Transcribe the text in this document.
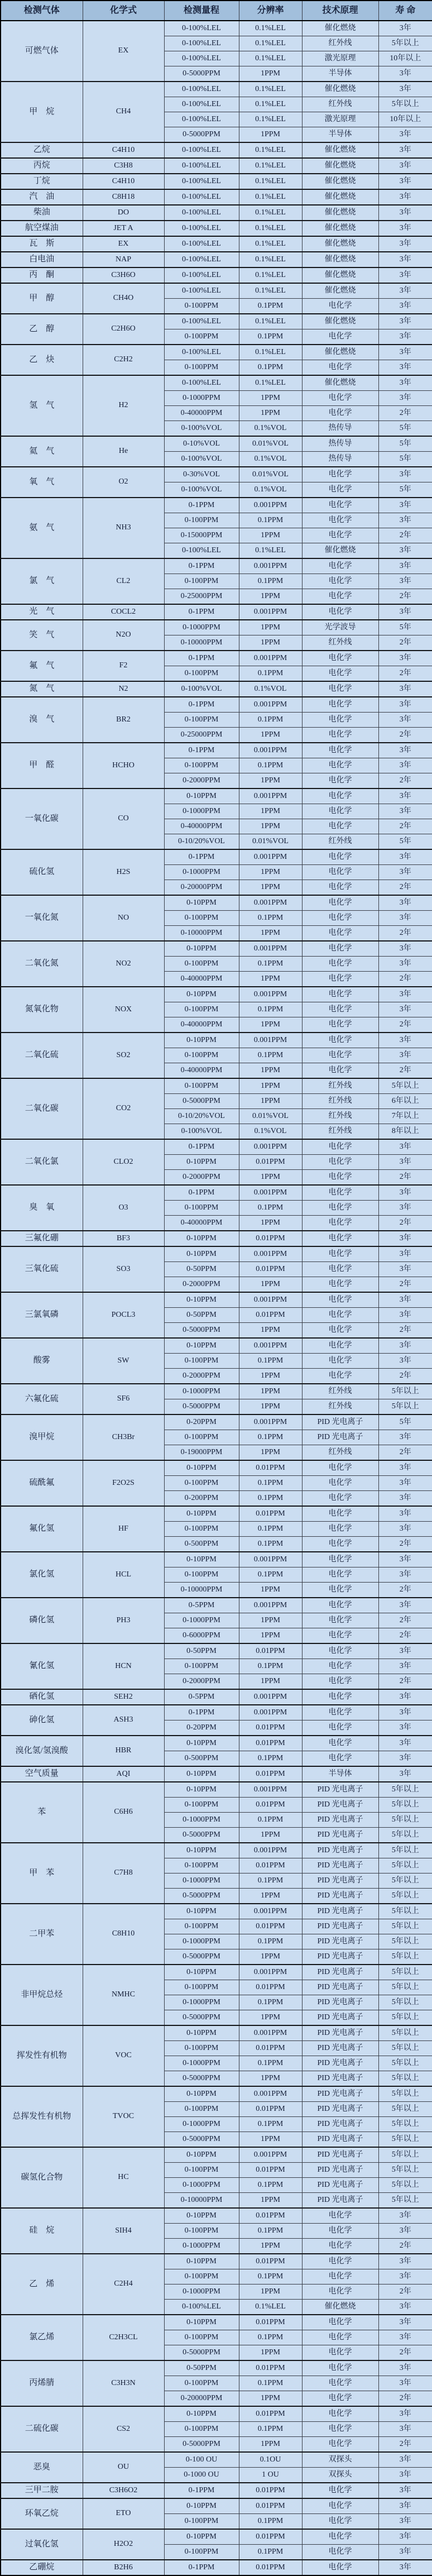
检测气体	化学式	检测量程	分辨率	技术原理	寿 命
可燃气体	EX	0-100%LEL	0.1%LEL	催化燃烧	3年
		0-100%LEL	0.1%LEL	红外线	5年以上
		0-100%LEL	0.1%LEL	激光原理	10年以上
		0-5000PPM	1PPM	半导体	3年
甲　烷	CH4	0-100%LEL	0.1%LEL	催化燃烧	3年
		0-100%LEL	0.1%LEL	红外线	5年以上
		0-100%LEL	0.1%LEL	激光原理	10年以上
		0-5000PPM	1PPM	半导体	3年
乙烷	C4H10	0-100%LEL	0.1%LEL	催化燃烧	3年
丙烷	C3H8	0-100%LEL	0.1%LEL	催化燃烧	3年
丁烷	C4H10	0-100%LEL	0.1%LEL	催化燃烧	3年
汽　油	C8H18	0-100%LEL	0.1%LEL	催化燃烧	3年
柴油	DO	0-100%LEL	0.1%LEL	催化燃烧	3年
航空煤油	JET A	0-100%LEL	0.1%LEL	催化燃烧	3年
瓦　斯	EX	0-100%LEL	0.1%LEL	催化燃烧	3年
白电油	NAP	0-100%LEL	0.1%LEL	催化燃烧	3年
丙　酮	C3H6O	0-100%LEL	0.1%LEL	催化燃烧	3年
甲　醇	CH4O	0-100%LEL	0.1%LEL	催化燃烧	3年
		0-100PPM	0.1PPM	电化学	3年
乙　醇	C2H6O	0-100%LEL	0.1%LEL	催化燃烧	3年
		0-100PPM	0.1PPM	电化学	3年
乙　炔	C2H2	0-100%LEL	0.1%LEL	催化燃烧	3年
		0-100PPM	0.1PPM	电化学	3年
氢　气	H2	0-100%LEL	0.1%LEL	催化燃烧	3年
		0-1000PPM	1PPM	电化学	3年
		0-40000PPM	1PPM	电化学	2年
		0-100%VOL	0.1%VOL	热传导	5年
氦　气	He	0-10%VOL	0.01%VOL	热传导	5年
		0-100%VOL	0.1%VOL	热传导	5年
氧　气	O2	0-30%VOL	0.01%VOL	电化学	3年
		0-100%VOL	0.1%VOL	电化学	5年
氨　气	NH3	0-1PPM	0.001PPM	电化学	3年
		0-100PPM	0.1PPM	电化学	3年
		0-15000PPM	1PPM	电化学	2年
		0-100%LEL	0.1%LEL	催化燃烧	3年
氯　气	CL2	0-1PPM	0.001PPM	电化学	3年
		0-100PPM	0.1PPM	电化学	3年
		0-25000PPM	1PPM	电化学	2年
光　气	COCL2	0-1PPM	0.001PPM	电化学	3年
笑　气	N2O	0-1000PPM	1PPM	光学波导	5年
		0-10000PPM	1PPM	红外线	2年
氟　气	F2	0-1PPM	0.001PPM	电化学	3年
		0-100PPM	0.1PPM	电化学	2年
氮　气	N2	0-100%VOL	0.1%VOL	电化学	3年
溴　气	BR2	0-1PPM	0.001PPM	电化学	3年
		0-100PPM	0.1PPM	电化学	3年
		0-25000PPM	1PPM	电化学	2年
甲　醛	HCHO	0-1PPM	0.001PPM	电化学	3年
		0-100PPM	0.1PPM	电化学	3年
		0-2000PPM	1PPM	电化学	2年
一氧化碳	CO	0-10PPM	0.001PPM	电化学	3年
		0-1000PPM	1PPM	电化学	3年
		0-40000PPM	1PPM	电化学	2年
		0-10/20%VOL	0.01%VOL	红外线	5年
硫化氢	H2S	0-1PPM	0.001PPM	电化学	3年
		0-1000PPM	1PPM	电化学	3年
		0-20000PPM	1PPM	电化学	2年
一氧化氮	NO	0-10PPM	0.001PPM	电化学	3年
		0-100PPM	0.1PPM	电化学	3年
		0-10000PPM	1PPM	电化学	2年
二氧化氮	NO2	0-10PPM	0.001PPM	电化学	3年
		0-100PPM	0.1PPM	电化学	3年
		0-40000PPM	1PPM	电化学	2年
氮氧化物	NOX	0-10PPM	0.001PPM	电化学	3年
		0-100PPM	0.1PPM	电化学	3年
		0-40000PPM	1PPM	电化学	2年
二氧化硫	SO2	0-10PPM	0.001PPM	电化学	3年
		0-100PPM	0.1PPM	电化学	3年
		0-40000PPM	1PPM	电化学	2年
二氧化碳	CO2	0-100PPM	1PPM	红外线	5年以上
		0-5000PPM	1PPM	红外线	6年以上
		0-10/20%VOL	0.01%VOL	红外线	7年以上
		0-100%VOL	0.1%VOL	红外线	8年以上
二氧化氯	CLO2	0-1PPM	0.001PPM	电化学	3年
		0-10PPM	0.01PPM	电化学	3年
		0-2000PPM	1PPM	电化学	2年
臭　氧	O3	0-1PPM	0.001PPM	电化学	3年
		0-100PPM	0.1PPM	电化学	3年
		0-40000PPM	1PPM	电化学	2年
三氟化硼	BF3	0-10PPM	0.01PPM	电化学	3年
三氧化硫	SO3	0-10PPM	0.001PPM	电化学	3年
		0-50PPM	0.01PPM	电化学	3年
		0-2000PPM	1PPM	电化学	2年
三氯氧磷	POCL3	0-10PPM	0.001PPM	电化学	3年
		0-50PPM	0.01PPM	电化学	3年
		0-5000PPM	1PPM	电化学	2年
酸雾	SW	0-10PPM	0.001PPM	电化学	3年
		0-100PPM	0.1PPM	电化学	3年
		0-2000PPM	1PPM	电化学	2年
六氟化硫	SF6	0-1000PPM	1PPM	红外线	5年以上
		0-5000PPM	1PPM	红外线	5年以上
溴甲烷	CH3Br	0-20PPM	0.001PPM	PID 光电离子	5年
		0-100PPM	0.1PPM	PID 光电离子	3年
		0-19000PPM	1PPM	红外线	2年
硫酰氟	F2O2S	0-10PPM	0.01PPM	电化学	3年
		0-100PPM	0.1PPM	电化学	3年
		0-200PPM	0.1PPM	电化学	3年
氟化氢	HF	0-10PPM	0.01PPM	电化学	3年
		0-100PPM	0.1PPM	电化学	3年
		0-500PPM	0.1PPM	电化学	2年
氯化氢	HCL	0-10PPM	0.001PPM	电化学	3年
		0-100PPM	0.1PPM	电化学	3年
		0-10000PPM	1PPM	电化学	2年
磷化氢	PH3	0-5PPM	0.001PPM	电化学	3年
		0-1000PPM	1PPM	电化学	2年
		0-6000PPM	1PPM	电化学	2年
氰化氢	HCN	0-50PPM	0.01PPM	电化学	3年
		0-100PPM	0.1PPM	电化学	3年
		0-2000PPM	1PPM	电化学	2年
硒化氢	SEH2	0-5PPM	0.001PPM	电化学	3年
砷化氢	ASH3	0-1PPM	0.001PPM	电化学	3年
		0-20PPM	0.01PPM	电化学	3年
溴化氢/氢溴酸	HBR	0-10PPM	0.01PPM	电化学	3年
		0-500PPM	0.1PPM	电化学	3年
空气质量	AQI	0-10PPM	0.01PPM	半导体	3年
苯	C6H6	0-10PPM	0.001PPM	PID 光电离子	5年以上
		0-100PPM	0.01PPM	PID 光电离子	5年以上
		0-1000PPM	0.1PPM	PID 光电离子	5年以上
		0-5000PPM	1PPM	PID 光电离子	5年以上
甲　苯	C7H8	0-10PPM	0.001PPM	PID 光电离子	5年以上
		0-100PPM	0.01PPM	PID 光电离子	5年以上
		0-1000PPM	0.1PPM	PID 光电离子	5年以上
		0-5000PPM	1PPM	PID 光电离子	5年以上
二甲苯	C8H10	0-10PPM	0.001PPM	PID 光电离子	5年以上
		0-100PPM	0.01PPM	PID 光电离子	5年以上
		0-1000PPM	0.1PPM	PID 光电离子	5年以上
		0-5000PPM	1PPM	PID 光电离子	5年以上
非甲烷总烃	NMHC	0-10PPM	0.001PPM	PID 光电离子	5年以上
		0-100PPM	0.01PPM	PID 光电离子	5年以上
		0-1000PPM	0.1PPM	PID 光电离子	5年以上
		0-5000PPM	1PPM	PID 光电离子	5年以上
挥发性有机物	VOC	0-10PPM	0.001PPM	PID 光电离子	5年以上
		0-100PPM	0.01PPM	PID 光电离子	5年以上
		0-1000PPM	0.1PPM	PID 光电离子	5年以上
		0-5000PPM	1PPM	PID 光电离子	5年以上
总挥发性有机物	TVOC	0-10PPM	0.001PPM	PID 光电离子	5年以上
		0-100PPM	0.01PPM	PID 光电离子	5年以上
		0-1000PPM	0.1PPM	PID 光电离子	5年以上
		0-5000PPM	1PPM	PID 光电离子	5年以上
碳氢化合物	HC	0-10PPM	0.001PPM	PID 光电离子	5年以上
		0-100PPM	0.01PPM	PID 光电离子	5年以上
		0-1000PPM	0.1PPM	PID 光电离子	5年以上
		0-10000PPM	1PPM	PID 光电离子	5年以上
硅　烷	SIH4	0-10PPM	0.01PPM	电化学	3年
		0-100PPM	0.1PPM	电化学	3年
		0-1000PPM	1PPM	电化学	2年
乙　烯	C2H4	0-10PPM	0.01PPM	电化学	3年
		0-100PPM	0.1PPM	电化学	3年
		0-1000PPM	1PPM	电化学	2年
		0-100%LEL	0.1%LEL	催化燃烧	3年
氯乙烯	C2H3CL	0-10PPM	0.01PPM	电化学	3年
		0-100PPM	0.1PPM	电化学	3年
		0-5000PPM	1PPM	电化学	2年
丙烯腈	C3H3N	0-50PPM	0.01PPM	电化学	3年
		0-100PPM	0.1PPM	电化学	3年
		0-20000PPM	1PPM	电化学	2年
二硫化碳	CS2	0-10PPM	0.01PPM	电化学	3年
		0-100PPM	0.1PPM	电化学	3年
		0-5000PPM	1PPM	电化学	2年
恶臭	OU	0-100 OU	0.1OU	双探头	3年
		0-1000 OU	1 OU	双探头	3年
三甲二胺	C3H6O2	0-1PPM	0.01PPM	电化学	3年
环氧乙烷	ETO	0-10PPM	0.01PPM	电化学	3年
		0-100PPM	0.1PPM	电化学	3年
过氧化氢	H2O2	0-10PPM	0.01PPM	电化学	3年
		0-100PPM	0.1PPM	电化学	3年
乙硼烷	B2H6	0-1PPM	0.01PPM	电化学	3年
